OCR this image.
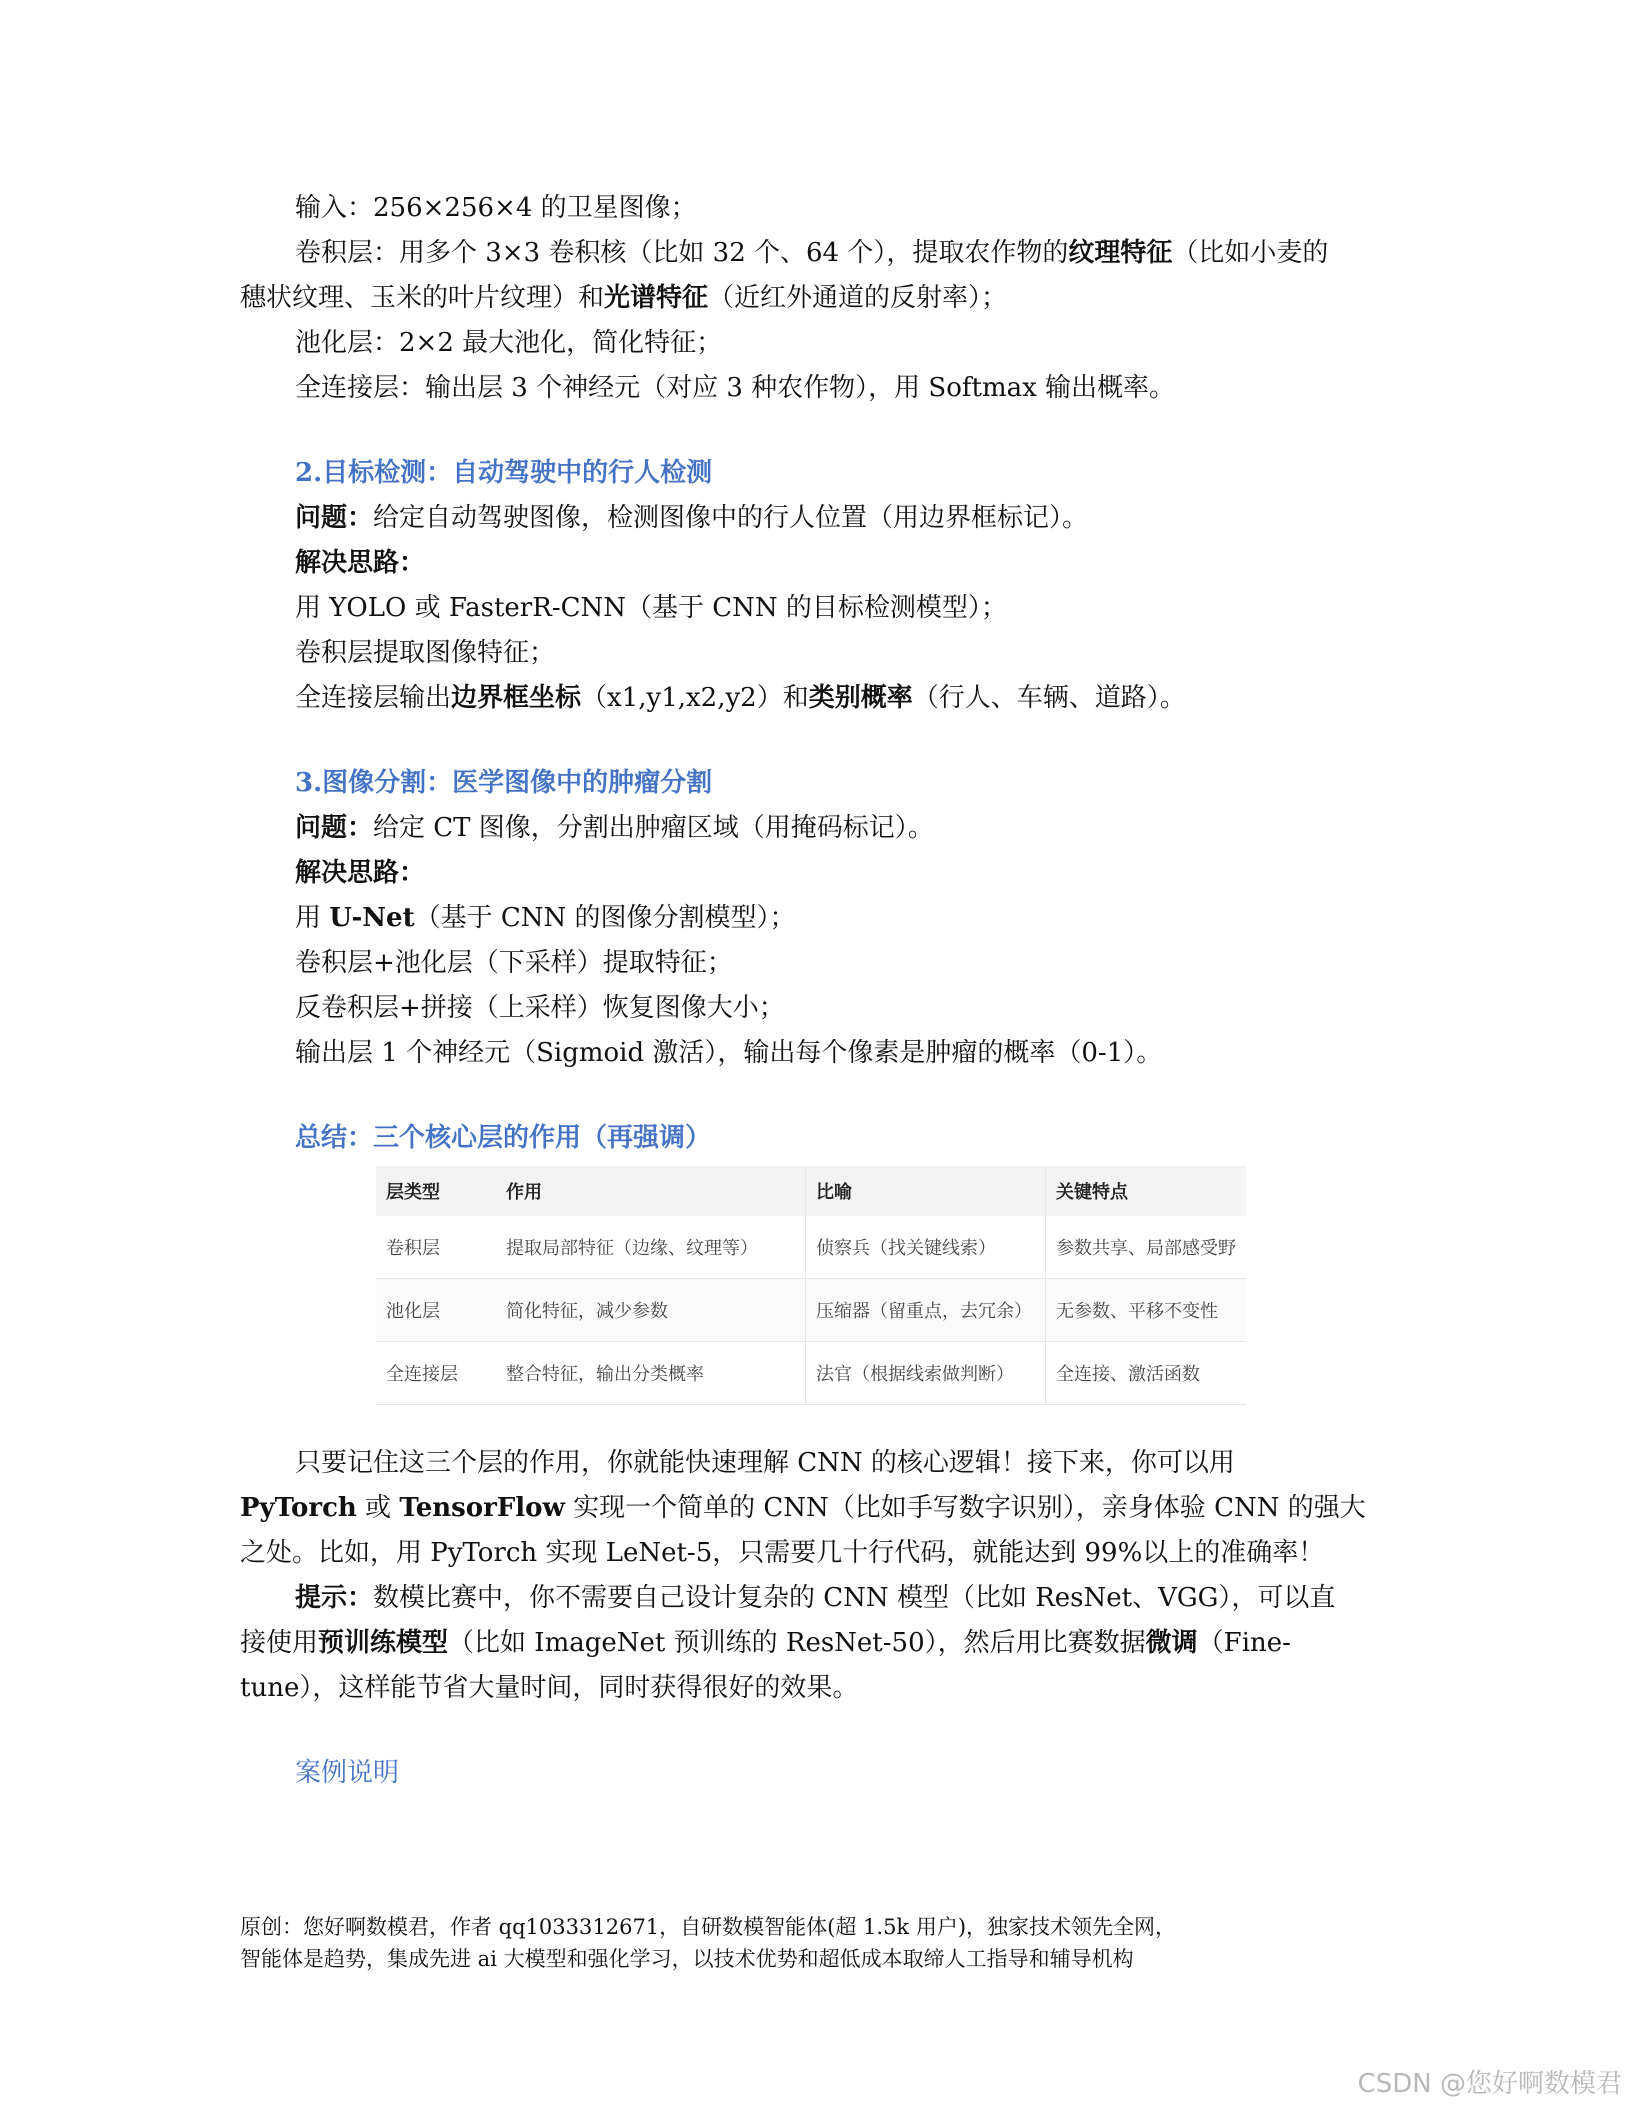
输入：256×256×4 的卫星图像；
卷积层：用多个 3×3 卷积核（比如 32 个、64 个），提取农作物的纹理特征（比如小麦的
穗状纹理、玉米的叶片纹理）和光谱特征（近红外通道的反射率）；
池化层：2×2 最大池化，简化特征；
全连接层：输出层 3 个神经元（对应 3 种农作物），用 Softmax 输出概率。
2.目标检测：自动驾驶中的行人检测
问题：给定自动驾驶图像，检测图像中的行人位置（用边界框标记）。
解决思路：
用 YOLO 或 FasterR-CNN（基于 CNN 的目标检测模型）；
卷积层提取图像特征；
全连接层输出边界框坐标（x1,y1,x2,y2）和类别概率（行人、车辆、道路）。
3.图像分割：医学图像中的肿瘤分割
问题：给定 CT 图像，分割出肿瘤区域（用掩码标记）。
解决思路：
用 U-Net（基于 CNN 的图像分割模型）；
卷积层+池化层（下采样）提取特征；
反卷积层+拼接（上采样）恢复图像大小；
输出层 1 个神经元（Sigmoid 激活），输出每个像素是肿瘤的概率（0-1）。
总结：三个核心层的作用（再强调）
层类型	作用	比喻	关键特点
卷积层	提取局部特征（边缘、纹理等）	侦察兵（找关键线索）	参数共享、局部感受野
池化层	简化特征，减少参数	压缩器（留重点，去冗余）	无参数、平移不变性
全连接层	整合特征，输出分类概率	法官（根据线索做判断）	全连接、激活函数
只要记住这三个层的作用，你就能快速理解 CNN 的核心逻辑！接下来，你可以用
PyTorch 或 TensorFlow 实现一个简单的 CNN（比如手写数字识别），亲身体验 CNN 的强大
之处。比如，用 PyTorch 实现 LeNet-5，只需要几十行代码，就能达到 99%以上的准确率！
提示：数模比赛中，你不需要自己设计复杂的 CNN 模型（比如 ResNet、VGG），可以直
接使用预训练模型（比如 ImageNet 预训练的 ResNet-50），然后用比赛数据微调（Fine-
tune），这样能节省大量时间，同时获得很好的效果。
案例说明
原创：您好啊数模君，作者 qq1033312671，自研数模智能体(超 1.5k 用户)，独家技术领先全网，
智能体是趋势，集成先进 ai 大模型和强化学习，以技术优势和超低成本取缔人工指导和辅导机构
CSDN @您好啊数模君
